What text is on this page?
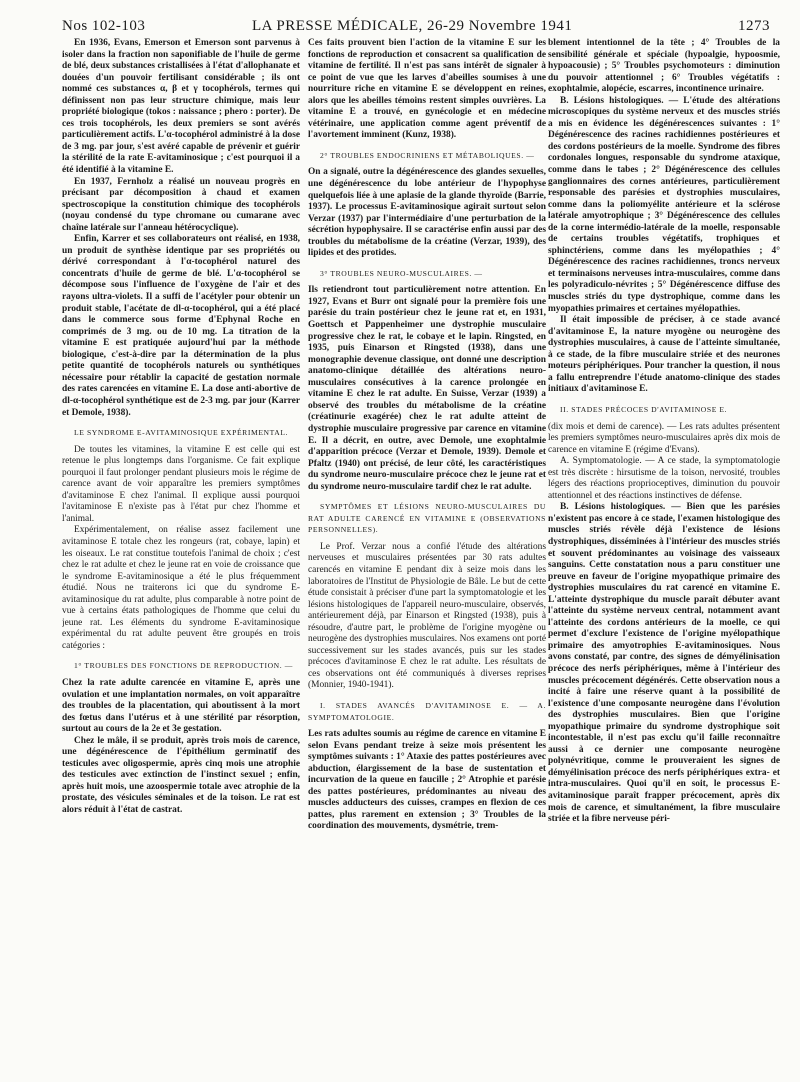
Nos 102-103	LA PRESSE MÉDICALE, 26-29 Novembre 1941	1273

En 1936, Evans, Emerson et Emerson sont parvenus à isoler dans la fraction non saponifiable de l'huile de germe de blé, deux substances cristallisées à l'état d'allophanate et douées d'un pouvoir fertilisant considérable ; ils ont nommé ces substances α, β et γ tocophérols, termes qui définissent non pas leur structure chimique, mais leur propriété biologique (tokos : naissance ; phero : porter). De ces trois tocophérols, les deux premiers se sont avérés particulièrement actifs. L'α-tocophérol administré à la dose de 3 mg. par jour, s'est avéré capable de prévenir et guérir la stérilité de la rate E-avitaminosique ; c'est pourquoi il a été identifié à la vitamine E.

En 1937, Fernholz a réalisé un nouveau progrès en précisant par décomposition à chaud et examen spectroscopique la constitution chimique des tocophérols (noyau condensé du type chromane ou cumarane avec chaîne latérale sur l'anneau hétérocyclique).

Enfin, Karrer et ses collaborateurs ont réalisé, en 1938, un produit de synthèse identique par ses propriétés ou dérivé correspondant à l'α-tocophérol naturel des concentrats d'huile de germe de blé. L'α-tocophérol se décompose sous l'influence de l'oxygène de l'air et des rayons ultra-violets. Il a suffi de l'acétyler pour obtenir un produit stable, l'acétate de dl-α-tocophérol, qui a été placé dans le commerce sous forme d'Ephynal Roche en comprimés de 3 mg. ou de 10 mg. La titration de la vitamine E est pratiquée aujourd'hui par la méthode biologique, c'est-à-dire par la détermination de la plus petite quantité de tocophérols naturels ou synthétiques nécessaire pour rétablir la capacité de gestation normale des rates carencées en vitamine E. La dose anti-abortive de dl-α-tocophérol synthétique est de 2-3 mg. par jour (Karrer et Demole, 1938).

LE SYNDROME E-AVITAMINOSIQUE EXPÉRIMENTAL.

De toutes les vitamines, la vitamine E est celle qui est retenue le plus longtemps dans l'organisme. Ce fait explique pourquoi il faut prolonger pendant plusieurs mois le régime de carence avant de voir apparaître les premiers symptômes d'avitaminose E chez l'animal. Il explique aussi pourquoi l'avitaminose E n'existe pas à l'état pur chez l'homme et l'animal.

Expérimentalement, on réalise assez facilement une avitaminose E totale chez les rongeurs (rat, cobaye, lapin) et les oiseaux. Le rat constitue toutefois l'animal de choix ; c'est chez le rat adulte et chez le jeune rat en voie de croissance que le syndrome E-avitaminosique a été le plus fréquemment étudié. Nous ne traiterons ici que du syndrome E-avitaminosique du rat adulte, plus comparable à notre point de vue à certains états pathologiques de l'homme que celui du jeune rat. Les éléments du syndrome E-avitaminosique expérimental du rat adulte peuvent être groupés en trois catégories :

1° TROUBLES DES FONCTIONS DE REPRODUCTION. —

Chez la rate adulte carencée en vitamine E, après une ovulation et une implantation normales, on voit apparaître des troubles de la placentation, qui aboutissent à la mort des fœtus dans l'utérus et à une stérilité par résorption, surtout au cours de la 2e et 3e gestation.

Chez le mâle, il se produit, après trois mois de carence, une dégénérescence de l'épithélium germinatif des testicules avec oligospermie, après cinq mois une atrophie des testicules avec extinction de l'instinct sexuel ; enfin, après huit mois, une azoospermie totale avec atrophie de la prostate, des vésicules séminales et de la toison. Le rat est alors réduit à l'état de castrat.

Ces faits prouvent bien l'action de la vitamine E sur les fonctions de reproduction et consacrent sa qualification de vitamine de fertilité. Il n'est pas sans intérêt de signaler à ce point de vue que les larves d'abeilles soumises à une nourriture riche en vitamine E se développent en reines, alors que les abeilles témoins restent simples ouvrières. La vitamine E a trouvé, en gynécologie et en médecine vétérinaire, une application comme agent préventif de l'avortement imminent (Kunz, 1938).

2° TROUBLES ENDOCRINIENS ET MÉTABOLIQUES. —

On a signalé, outre la dégénérescence des glandes sexuelles, une dégénérescence du lobe antérieur de l'hypophyse quelquefois liée à une aplasie de la glande thyroïde (Barrie, 1937). Le processus E-avitaminosique agirait surtout selon Verzar (1937) par l'intermédiaire d'une perturbation de la sécrétion hypophysaire. Il se caractérise enfin aussi par des troubles du métabolisme de la créatine (Verzar, 1939), des lipides et des protides.

3° TROUBLES NEURO-MUSCULAIRES. —

Ils retiendront tout particulièrement notre attention. En 1927, Evans et Burr ont signalé pour la première fois une parésie du train postérieur chez le jeune rat et, en 1931, Goettsch et Pappenheimer une dystrophie musculaire progressive chez le rat, le cobaye et le lapin. Ringsted, en 1935, puis Einarson et Ringsted (1938), dans une monographie devenue classique, ont donné une description anatomo-clinique détaillée des altérations neuro-musculaires consécutives à la carence prolongée en vitamine E chez le rat adulte. En Suisse, Verzar (1939) a observé des troubles du métabolisme de la créatine (créatinurie exagérée) chez le rat adulte atteint de dystrophie musculaire progressive par carence en vitamine E. Il a décrit, en outre, avec Demole, une exophtalmie d'apparition précoce (Verzar et Demole, 1939). Demole et Pfaltz (1940) ont précisé, de leur côté, les caractéristiques du syndrome neuro-musculaire précoce chez le jeune rat et du syndrome neuro-musculaire tardif chez le rat adulte.

SYMPTÔMES ET LÉSIONS NEURO-MUSCULAIRES DU RAT ADULTE CARENCÉ EN VITAMINE E (OBSERVATIONS PERSONNELLES).

Le Prof. Verzar nous a confié l'étude des altérations nerveuses et musculaires présentées par 30 rats adultes carencés en vitamine E pendant dix à seize mois dans les laboratoires de l'Institut de Physiologie de Bâle. Le but de cette étude consistait à préciser d'une part la symptomatologie et les lésions histologiques de l'appareil neuro-musculaire, observés, antérieurement déjà, par Einarson et Ringsted (1938), puis à résoudre, d'autre part, le problème de l'origine myogène ou neurogène des dystrophies musculaires. Nos examens ont porté successivement sur les stades avancés, puis sur les stades précoces d'avitaminose E chez le rat adulte. Les résultats de ces observations ont été communiqués à diverses reprises (Monnier, 1940-1941).

I. STADES AVANCÉS D'AVITAMINOSE E. — A. SYMPTOMATOLOGIE.

Les rats adultes soumis au régime de carence en vitamine E selon Evans pendant treize à seize mois présentent les symptômes suivants : 1° Ataxie des pattes postérieures avec abduction, élargissement de la base de sustentation et incurvation de la queue en faucille ; 2° Atrophie et parésie des pattes postérieures, prédominantes au niveau des muscles adducteurs des cuisses, crampes en flexion de ces pattes, plus rarement en extension ; 3° Troubles de la coordination des mouvements, dysmétrie, trem-

blement intentionnel de la tête ; 4° Troubles de la sensibilité générale et spéciale (hypoalgie, hypoosmie, hypoacousie) ; 5° Troubles psychomoteurs : diminution du pouvoir attentionnel ; 6° Troubles végétatifs : exophtalmie, alopécie, escarres, incontinence urinaire.

B. Lésions histologiques. — L'étude des altérations microscopiques du système nerveux et des muscles striés a mis en évidence les dégénérescences suivantes : 1° Dégénérescence des racines rachidiennes postérieures et des cordons postérieurs de la moelle. Syndrome des fibres cordonales longues, responsable du syndrome ataxique, comme dans le tabes ; 2° Dégénérescence des cellules ganglionnaires des cornes antérieures, particulièrement responsable des parésies et dystrophies musculaires, comme dans la poliomyélite antérieure et la sclérose latérale amyotrophique ; 3° Dégénérescence des cellules de la corne intermédio-latérale de la moelle, responsable de certains troubles végétatifs, trophiques et sphinctériens, comme dans les myélopathies ; 4° Dégénérescence des racines rachidiennes, troncs nerveux et terminaisons nerveuses intra-musculaires, comme dans les polyradiculo-névrites ; 5° Dégénérescence diffuse des muscles striés du type dystrophique, comme dans les myopathies primaires et certaines myélopathies.

Il était impossible de préciser, à ce stade avancé d'avitaminose E, la nature myogène ou neurogène des dystrophies musculaires, à cause de l'atteinte simultanée, à ce stade, de la fibre musculaire striée et des neurones moteurs périphériques. Pour trancher la question, il nous a fallu entreprendre l'étude anatomo-clinique des stades initiaux d'avitaminose E.

II. STADES PRÉCOCES D'AVITAMINOSE E.

(dix mois et demi de carence). — Les rats adultes présentent les premiers symptômes neuro-musculaires après dix mois de carence en vitamine E (régime d'Evans).

A. Symptomatologie. — A ce stade, la symptomatologie est très discrète : hirsutisme de la toison, nervosité, troubles légers des réactions proprioceptives, diminution du pouvoir attentionnel et des réactions instinctives de défense.

B. Lésions histologiques. — Bien que les parésies n'existent pas encore à ce stade, l'examen histologique des muscles striés révèle déjà l'existence de lésions dystrophiques, disséminées à l'intérieur des muscles striés et souvent prédominantes au voisinage des vaisseaux sanguins. Cette constatation nous a paru constituer une preuve en faveur de l'origine myopathique primaire des dystrophies musculaires du rat carencé en vitamine E. L'atteinte dystrophique du muscle paraît débuter avant l'atteinte du système nerveux central, notamment avant l'atteinte des cordons antérieurs de la moelle, ce qui permet d'exclure l'existence de l'origine myélopathique primaire des amyotrophies E-avitaminosiques. Nous avons constaté, par contre, des signes de démyélinisation précoce des nerfs périphériques, même à l'intérieur des muscles précocement dégénérés. Cette observation nous a incité à faire une réserve quant à la possibilité de l'existence d'une composante neurogène dans l'évolution des dystrophies musculaires. Bien que l'origine myopathique primaire du syndrome dystrophique soit incontestable, il n'est pas exclu qu'il faille reconnaître aussi à ce dernier une composante neurogène polynévritique, comme le prouveraient les signes de démyélinisation précoce des nerfs périphériques extra- et intra-musculaires. Quoi qu'il en soit, le processus E-avitaminosique paraît frapper précocement, après dix mois de carence, et simultanément, la fibre musculaire striée et la fibre nerveuse péri-
